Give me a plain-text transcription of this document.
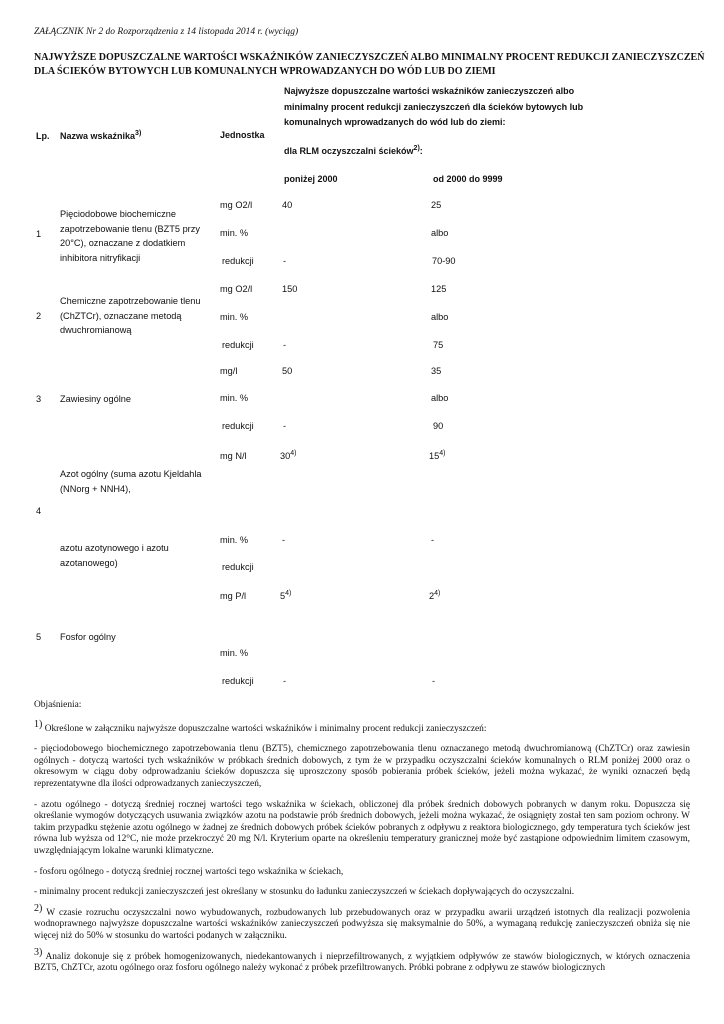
ZAŁĄCZNIK Nr 2 do Rozporządzenia z 14 listopada 2014 r. (wyciąg)
NAJWYŻSZE DOPUSZCZALNE WARTOŚCI WSKAŹNIKÓW ZANIECZYSZCZEŃ ALBO MINIMALNY PROCENT REDUKCJI ZANIECZYSZCZEŃ
DLA ŚCIEKÓW BYTOWYCH LUB KOMUNALNYCH WPROWADZANYCH DO WÓD LUB DO ZIEMI
Najwyższe dopuszczalne wartości wskaźników zanieczyszczeń albo
minimalny procent redukcji zanieczyszczeń dla ścieków bytowych lub
komunalnych wprowadzanych do wód lub do ziemi:
Lp. Nazwa wskaźnika$^{3)}$	Jednostka
dla RLM oczyszczalni ścieków$^{2)}$:
poniżej 2000	od 2000 do 9999
1
Pięciodobowe biochemiczne zapotrzebowanie tlenu (BZT5 przy 20°C), oznaczane z dodatkiem inhibitora nitryfikacji
mg O2/l	40	25
min. %	albo
redukcji	-	70-90
2
Chemiczne zapotrzebowanie tlenu (ChZTCr), oznaczane metodą dwuchromianową
mg O2/l	150	125
min. %	albo
redukcji	-	75
3 Zawiesiny ogólne
mg/l	50	35
min. %	albo
redukcji	-	90
4
Azot ogólny (suma azotu Kjeldahla (NNorg + NNH4),
azotu azotynowego i azotu azotanowego)
mg N/l	30$^{4)}$	15$^{4)}$
min. %	-	-
redukcji
5 Fosfor ogólny
mg P/l	5$^{4)}$	2$^{4)}$
min. %
redukcji	-	-

Objaśnienia:

1) Określone w załączniku najwyższe dopuszczalne wartości wskaźników i minimalny procent redukcji zanieczyszczeń:

- pięciodobowego biochemicznego zapotrzebowania tlenu (BZT5), chemicznego zapotrzebowania tlenu oznaczanego metodą dwuchromianową (ChZTCr) oraz zawiesin ogólnych - dotyczą wartości tych wskaźników w próbkach średnich dobowych, z tym że w przypadku oczyszczalni ścieków komunalnych o RLM poniżej 2000 oraz o okresowym w ciągu doby odprowadzaniu ścieków dopuszcza się uproszczony sposób pobierania próbek ścieków, jeżeli można wykazać, że wyniki oznaczeń będą reprezentatywne dla ilości odprowadzanych zanieczyszczeń,

- azotu ogólnego - dotyczą średniej rocznej wartości tego wskaźnika w ściekach, obliczonej dla próbek średnich dobowych pobranych w danym roku. Dopuszcza się określanie wymogów dotyczących usuwania związków azotu na podstawie prób średnich dobowych, jeżeli można wykazać, że osiągnięty został ten sam poziom ochrony. W takim przypadku stężenie azotu ogólnego w żadnej ze średnich dobowych próbek ścieków pobranych z odpływu z reaktora biologicznego, gdy temperatura tych ścieków jest równa lub wyższa od 12°C, nie może przekroczyć 20 mg N/l. Kryterium oparte na określeniu temperatury granicznej może być zastąpione odpowiednim limitem czasowym, uwzględniającym lokalne warunki klimatyczne.

- fosforu ogólnego - dotyczą średniej rocznej wartości tego wskaźnika w ściekach,

- minimalny procent redukcji zanieczyszczeń jest określany w stosunku do ładunku zanieczyszczeń w ściekach dopływających do oczyszczalni.

2) W czasie rozruchu oczyszczalni nowo wybudowanych, rozbudowanych lub przebudowanych oraz w przypadku awarii urządzeń istotnych dla realizacji pozwolenia wodnoprawnego najwyższe dopuszczalne wartości wskaźników zanieczyszczeń podwyższa się maksymalnie do 50%, a wymaganą redukcję zanieczyszczeń obniża się nie więcej niż do 50% w stosunku do wartości podanych w załączniku.

3) Analiz dokonuje się z próbek homogenizowanych, niedekantowanych i nieprzefiltrowanych, z wyjątkiem odpływów ze stawów biologicznych, w których oznaczenia BZT5, ChZTCr, azotu ogólnego oraz fosforu ogólnego należy wykonać z próbek przefiltrowanych. Próbki pobrane z odpływu ze stawów biologicznych
